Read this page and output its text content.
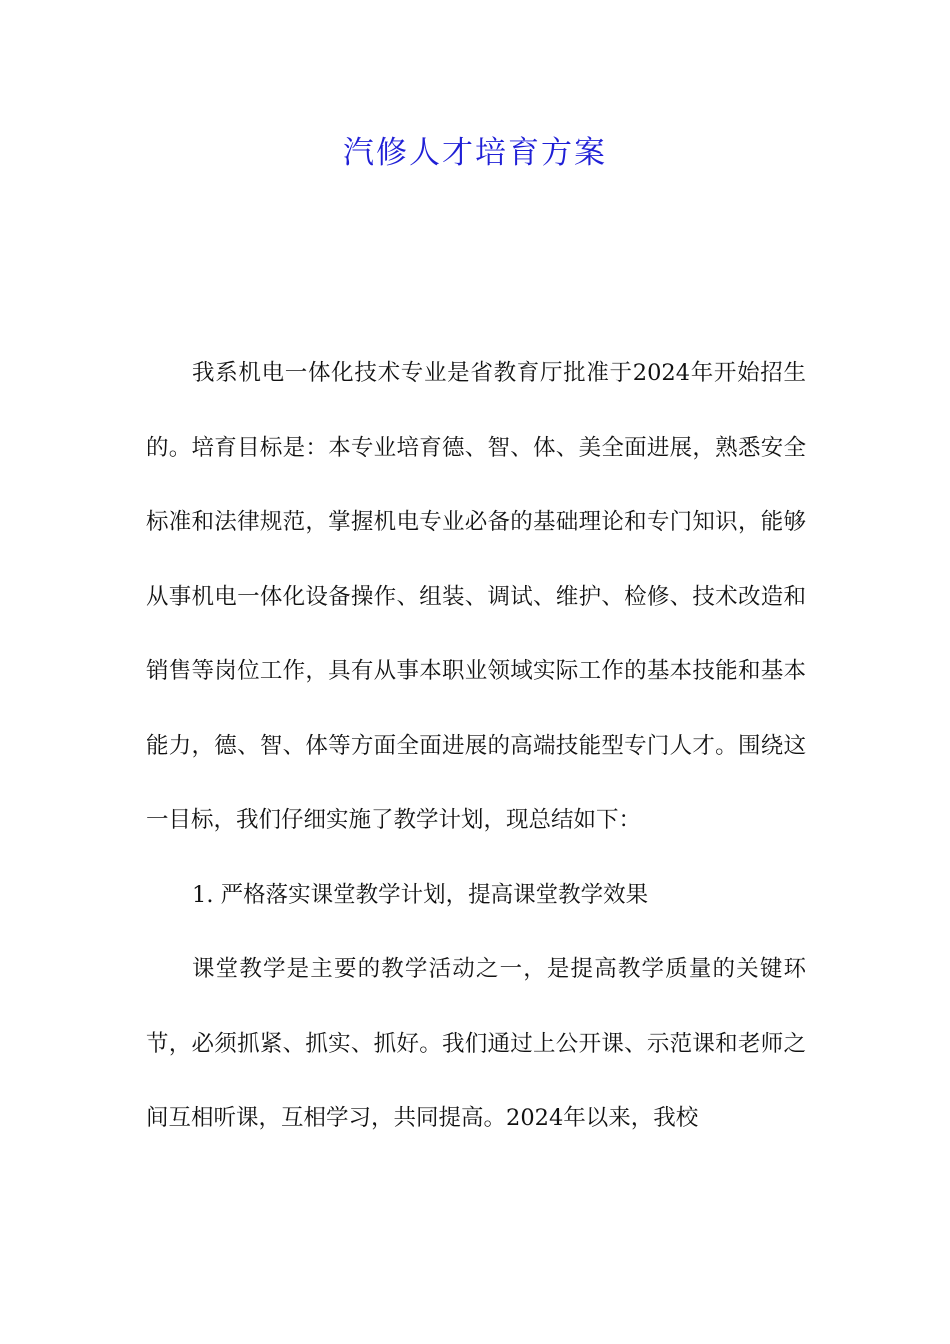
汽修人才培育方案

我系机电一体化技术专业是省教育厅批准于2024年开始招生的。培育目标是：本专业培育德、智、体、美全面进展，熟悉安全标准和法律规范，掌握机电专业必备的基础理论和专门知识，能够从事机电一体化设备操作、组装、调试、维护、检修、技术改造和销售等岗位工作，具有从事本职业领域实际工作的基本技能和基本能力，德、智、体等方面全面进展的高端技能型专门人才。围绕这一目标，我们仔细实施了教学计划，现总结如下：

1. 严格落实课堂教学计划，提高课堂教学效果

课堂教学是主要的教学活动之一，是提高教学质量的关键环节，必须抓紧、抓实、抓好。我们通过上公开课、示范课和老师之间互相听课，互相学习，共同提高。2024年以来，我校
